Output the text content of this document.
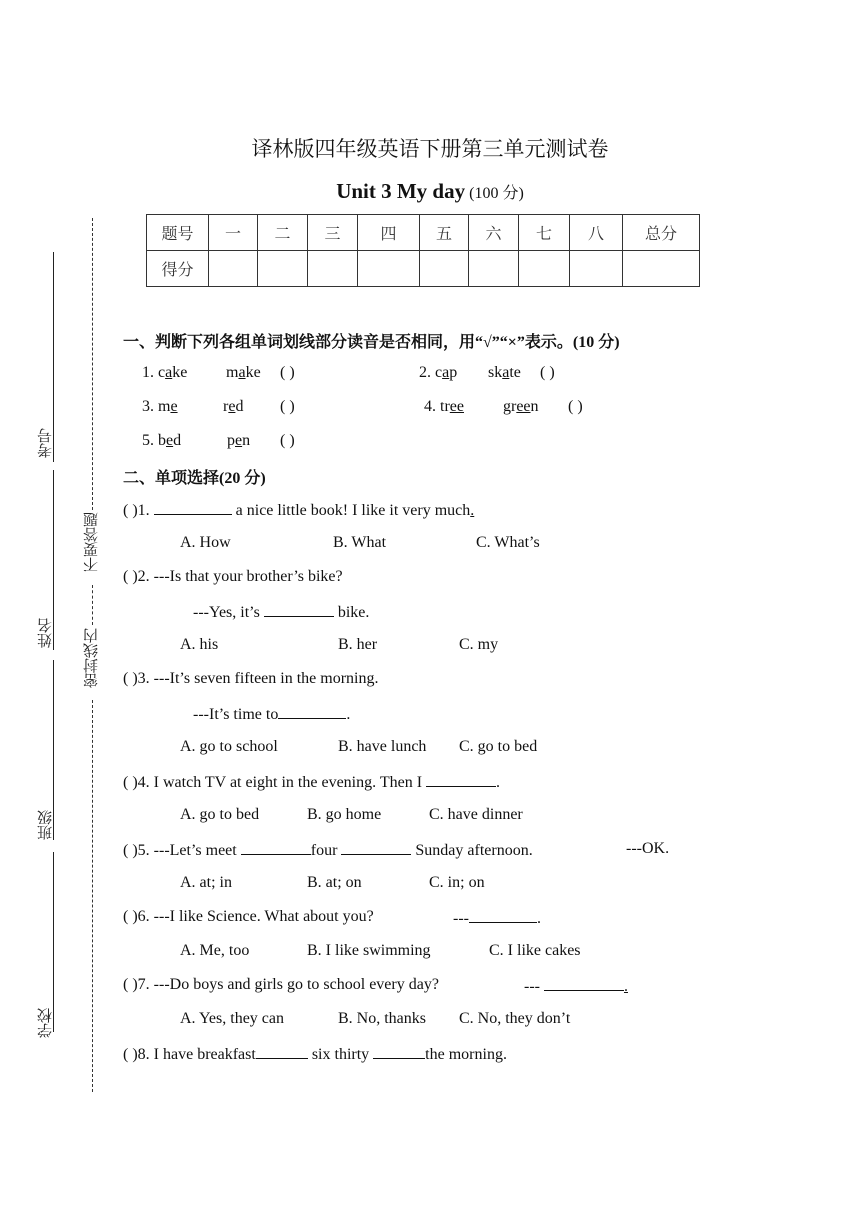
考号
姓名
班级
学校
不要答题
密封线内
译林版四年级英语下册第三单元测试卷
Unit 3 My day (100 分)
题号	一	二	三	四	五	六	七	八	总分
得分									
一、判断下列各组单词划线部分读音是否相同，用“√”“×”表示。(10 分)
1. cake make ( )	2. cap skate ( )
3. me	red ( )	4. tree green ( )
5. bed	pen ( )
二、单项选择(20 分)
( )1.	a nice little book! I like it very much.
A. How	B. What	C. What’s
( )2. ---Is that your brother’s bike?
---Yes, it’s	bike.
A. his	B. her	C. my
( )3. ---It’s seven fifteen in the morning.
---It’s time to	.
A. go to school	B. have lunch C. go to bed
( )4. I watch TV at eight in the evening. Then I	.
A. go to bed	B. go home	C. have dinner
( )5. ---Let’s meet	four	Sunday afternoon.	---OK.
A. at; in	B. at; on	C. in; on
( )6. ---I like Science. What about you?	---	.
A. Me, too	B. I like swimming	C. I like cakes
( )7. ---Do boys and girls go to school every day?	---	.
A. Yes, they can	B. No, thanks C. No, they don’t
( )8. I have breakfast	six thirty	the morning.
